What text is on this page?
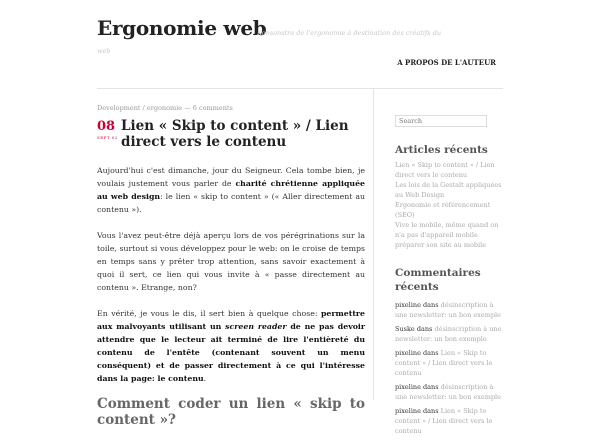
Ergonomie web
Konsonstra de l'ergonomie à destination des créatifs du
web
A PROPOS DE L'AUTEUR
Development / ergonomie — 6 comments
08
SEPT 02
Lien « Skip to content » / Lien direct vers le contenu

Aujourd'hui c'est dimanche, jour du Seigneur. Cela tombe bien, je voulais justement vous parler de charité chrétienne appliquée au web design: le lien « skip to content » (« Aller directement au contenu »).

Vous l'avez peut-être déjà aperçu lors de vos pérégrinations sur la toile, surtout si vous développez pour le web: on le croise de temps en temps sans y prêter trop attention, sans savoir exactement à quoi il sert, ce lien qui vous invite à « passe directement au contenu ». Etrange, non?

En vérité, je vous le dis, il sert bien à quelque chose: permettre aux malvoyants utilisant un screen reader de ne pas devoir attendre que le lecteur ait terminé de lire l'entièreté du contenu de l'entête (contenant souvent un menu conséquent) et de passer directement à ce qui l'intéresse dans la page: le contenu.

Comment coder un lien « skip to content »?
Search
Articles récents
Lien « Skip to content » / Lien direct vers le contenu
Les lois de la Gestalt appliquées au Web Design
Ergonomie et référencement (SEO)
Vive le mobile, même quand on n'a pas d'appareil mobile préparer son site au mobile
Commentaires récents
pixeline dans désinscription à une newsletter: un bon exemple
Suske dans désinscription à une newsletter: un bon exemple
pixeline dans Lien « Skip to content » / Lien direct vers le contenu
pixeline dans désinscription à une newsletter: un bon exemple
pixeline dans Lien « Skip to content » / Lien direct vers le contenu
